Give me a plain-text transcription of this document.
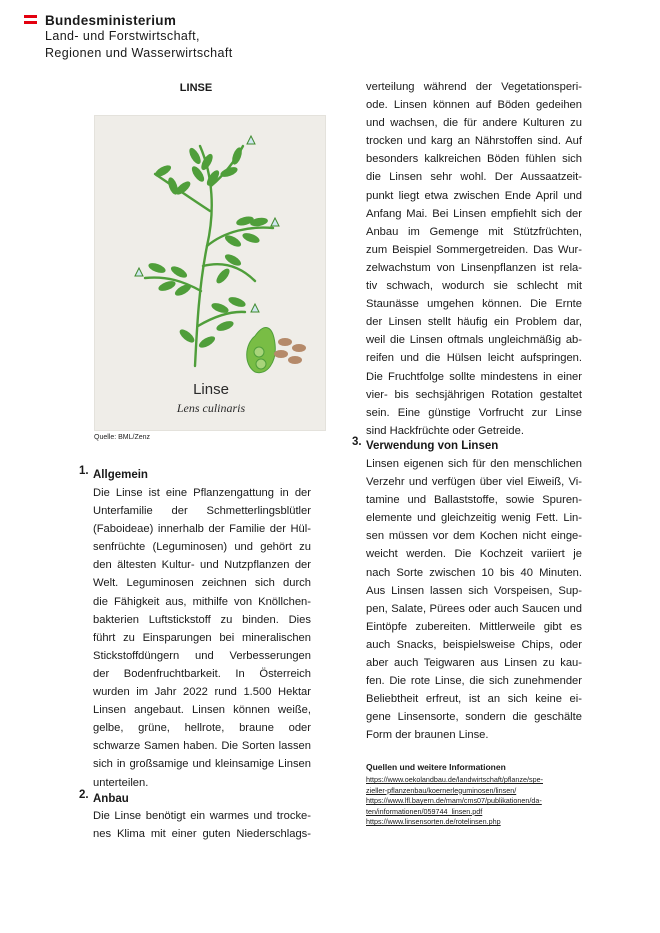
Bundesministerium
Land- und Forstwirtschaft,
Regionen und Wasserwirtschaft
LINSE
Linse
Lens culinaris
Quelle: BML/Zenz
1. Allgemein
Die Linse ist eine Pflanzengattung in der
Unterfamilie der Schmetterlingsblütler
(Faboideae) innerhalb der Familie der Hül-
senfrüchte (Leguminosen) und gehört zu
den ältesten Kultur- und Nutzpflanzen der
Welt. Leguminosen zeichnen sich durch
die Fähigkeit aus, mithilfe von Knöllchen-
bakterien Luftstickstoff zu binden. Dies
führt zu Einsparungen bei mineralischen
Stickstoffdüngern und Verbesserungen
der Bodenfruchtbarkeit. In Österreich
wurden im Jahr 2022 rund 1.500 Hektar
Linsen angebaut. Linsen können weiße,
gelbe, grüne, hellrote, braune oder
schwarze Samen haben. Die Sorten lassen
sich in großsamige und kleinsamige Linsen
unterteilen.
2. Anbau
Die Linse benötigt ein warmes und trocke-
nes Klima mit einer guten Niederschlags-
verteilung während der Vegetationsperi-
ode. Linsen können auf Böden gedeihen
und wachsen, die für andere Kulturen zu
trocken und karg an Nährstoffen sind. Auf
besonders kalkreichen Böden fühlen sich
die Linsen sehr wohl. Der Aussaatzeit-
punkt liegt etwa zwischen Ende April und
Anfang Mai. Bei Linsen empfiehlt sich der
Anbau im Gemenge mit Stützfrüchten,
zum Beispiel Sommergetreiden. Das Wur-
zelwachstum von Linsenpflanzen ist rela-
tiv schwach, wodurch sie schlecht mit
Staunässe umgehen können. Die Ernte
der Linsen stellt häufig ein Problem dar,
weil die Linsen oftmals ungleichmäßig ab-
reifen und die Hülsen leicht aufspringen.
Die Fruchtfolge sollte mindestens in einer
vier- bis sechsjährigen Rotation gestaltet
sein. Eine günstige Vorfrucht zur Linse
sind Hackfrüchte oder Getreide.
3. Verwendung von Linsen
Linsen eigenen sich für den menschlichen
Verzehr und verfügen über viel Eiweiß, Vi-
tamine und Ballaststoffe, sowie Spuren-
elemente und gleichzeitig wenig Fett. Lin-
sen müssen vor dem Kochen nicht einge-
weicht werden. Die Kochzeit variiert je
nach Sorte zwischen 10 bis 40 Minuten.
Aus Linsen lassen sich Vorspeisen, Sup-
pen, Salate, Pürees oder auch Saucen und
Eintöpfe zubereiten. Mittlerweile gibt es
auch Snacks, beispielsweise Chips, oder
aber auch Teigwaren aus Linsen zu kau-
fen. Die rote Linse, die sich zunehmender
Beliebtheit erfreut, ist an sich keine ei-
gene Linsensorte, sondern die geschälte
Form der braunen Linse.
Quellen und weitere Informationen
https://www.oekolandbau.de/landwirtschaft/pflanze/spe-
zieller-pflanzenbau/koernerleguminosen/linsen/
https://www.lfl.bayern.de/mam/cms07/publikationen/da-
ten/informationen/059744_linsen.pdf
https://www.linsensorten.de/rotelinsen.php
